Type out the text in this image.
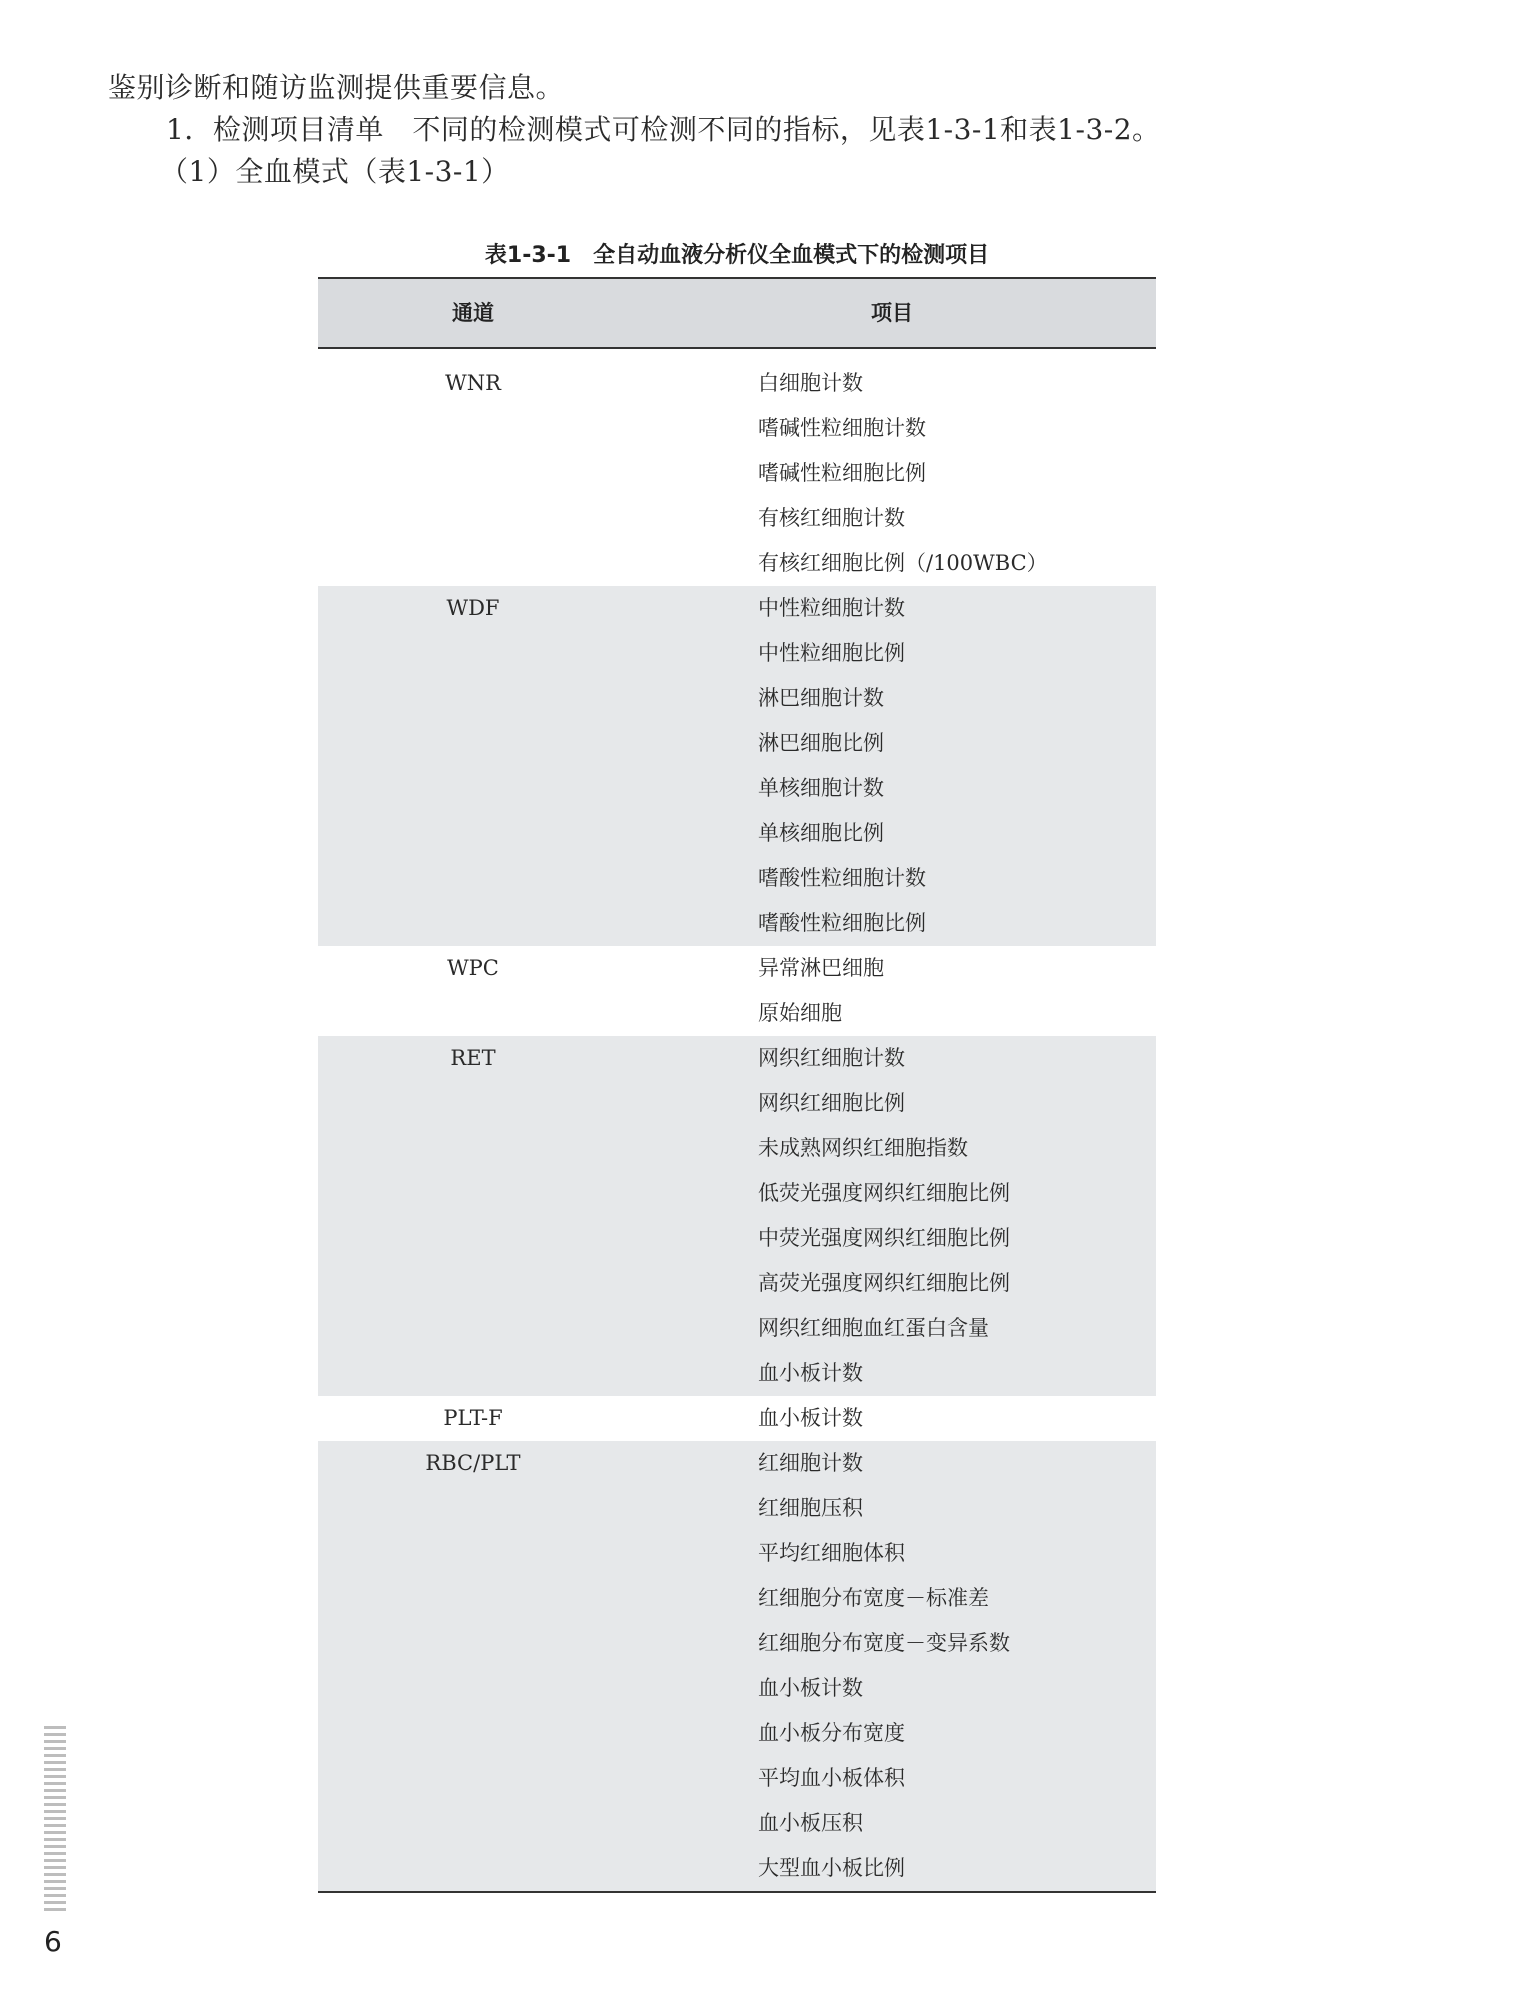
鉴别诊断和随访监测提供重要信息。

1．检测项目清单　不同的检测模式可检测不同的指标，见表1-3-1和表1-3-2。

（1）全血模式（表1-3-1）

表1-3-1　全自动血液分析仪全血模式下的检测项目
通道	项目
WNR	白细胞计数
嗜碱性粒细胞计数
嗜碱性粒细胞比例
有核红细胞计数
有核红细胞比例（/100WBC）
WDF	中性粒细胞计数
中性粒细胞比例
淋巴细胞计数
淋巴细胞比例
单核细胞计数
单核细胞比例
嗜酸性粒细胞计数
嗜酸性粒细胞比例
WPC	异常淋巴细胞
原始细胞
RET	网织红细胞计数
网织红细胞比例
未成熟网织红细胞指数
低荧光强度网织红细胞比例
中荧光强度网织红细胞比例
高荧光强度网织红细胞比例
网织红细胞血红蛋白含量
血小板计数
PLT-F	血小板计数
RBC/PLT	红细胞计数
红细胞压积
平均红细胞体积
红细胞分布宽度－标准差
红细胞分布宽度－变异系数
血小板计数
血小板分布宽度
平均血小板体积
血小板压积
大型血小板比例
6
